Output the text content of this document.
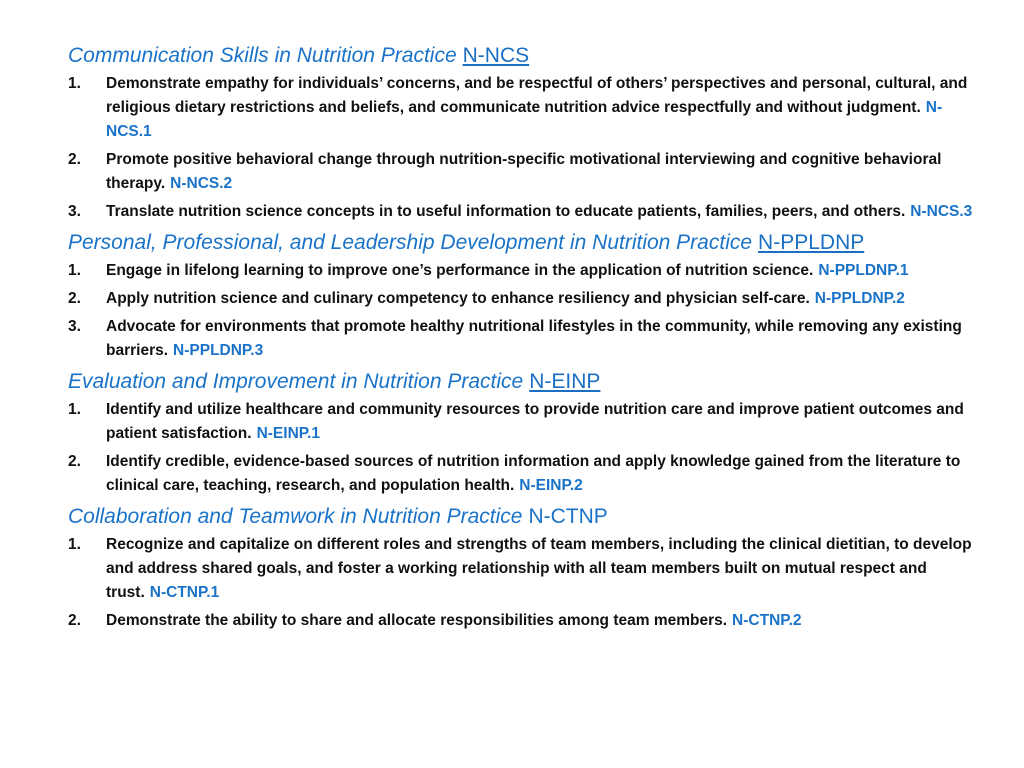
Communication Skills in Nutrition Practice N-NCS
1. Demonstrate empathy for individuals’ concerns, and be respectful of others’ perspectives and personal, cultural, and religious dietary restrictions and beliefs, and communicate nutrition advice respectfully and without judgment. N-NCS.1
2. Promote positive behavioral change through nutrition-specific motivational interviewing and cognitive behavioral therapy. N-NCS.2
3. Translate nutrition science concepts in to useful information to educate patients, families, peers, and others. N-NCS.3
Personal, Professional, and Leadership Development in Nutrition Practice N-PPLDNP
1. Engage in lifelong learning to improve one’s performance in the application of nutrition science. N-PPLDNP.1
2. Apply nutrition science and culinary competency to enhance resiliency and physician self-care. N-PPLDNP.2
3. Advocate for environments that promote healthy nutritional lifestyles in the community, while removing any existing barriers. N-PPLDNP.3
Evaluation and Improvement in Nutrition Practice N-EINP
1. Identify and utilize healthcare and community resources to provide nutrition care and improve patient outcomes and patient satisfaction. N-EINP.1
2. Identify credible, evidence-based sources of nutrition information and apply knowledge gained from the literature to clinical care, teaching, research, and population health. N-EINP.2
Collaboration and Teamwork in Nutrition Practice N-CTNP
1. Recognize and capitalize on different roles and strengths of team members, including the clinical dietitian, to develop and address shared goals, and foster a working relationship with all team members built on mutual respect and trust. N-CTNP.1
2. Demonstrate the ability to share and allocate responsibilities among team members. N-CTNP.2
